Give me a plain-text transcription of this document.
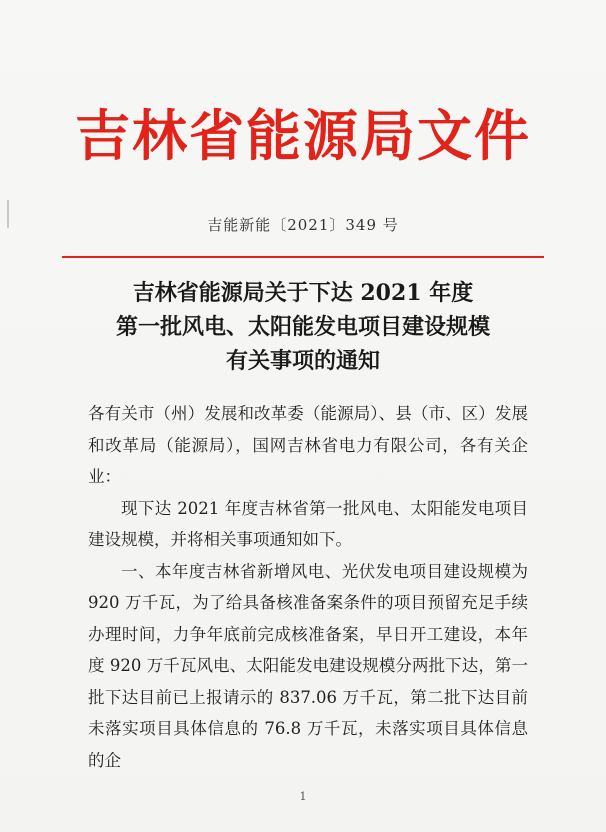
吉林省能源局文件
吉能新能〔2021〕349 号
吉林省能源局关于下达 2021 年度
第一批风电、太阳能发电项目建设规模
有关事项的通知

各有关市（州）发展和改革委（能源局）、县（市、区）发展和改革局（能源局），国网吉林省电力有限公司，各有关企业：

现下达 2021 年度吉林省第一批风电、太阳能发电项目建设规模，并将相关事项通知如下。

一、本年度吉林省新增风电、光伏发电项目建设规模为 920 万千瓦，为了给具备核准备案条件的项目预留充足手续办理时间，力争年底前完成核准备案，早日开工建设，本年度 920 万千瓦风电、太阳能发电建设规模分两批下达，第一批下达目前已上报请示的 837.06 万千瓦，第二批下达目前未落实项目具体信息的 76.8 万千瓦，未落实项目具体信息的企

1
